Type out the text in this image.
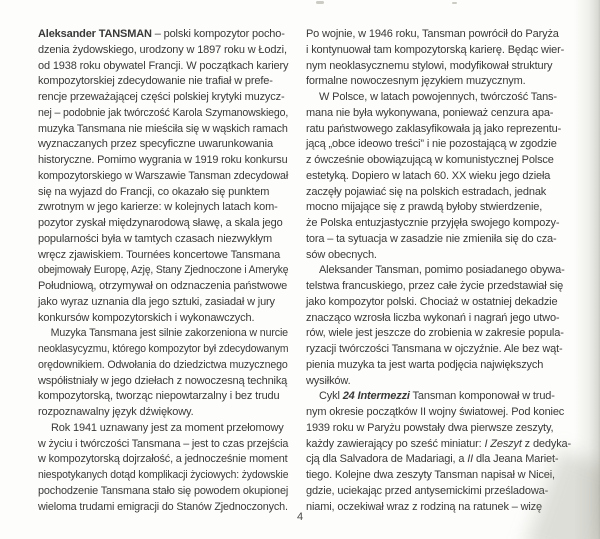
Aleksander TANSMAN – polski kompozytor pocho-
dzenia żydowskiego, urodzony w 1897 roku w Łodzi,
od 1938 roku obywatel Francji. W początkach kariery
kompozytorskiej zdecydowanie nie trafiał w prefe-
rencje przeważającej części polskiej krytyki muzycz-
nej – podobnie jak twórczość Karola Szymanowskiego,
muzyka Tansmana nie mieściła się w wąskich ramach
wyznaczanych przez specyficzne uwarunkowania
historyczne. Pomimo wygrania w 1919 roku konkursu
kompozytorskiego w Warszawie Tansman zdecydował
się na wyjazd do Francji, co okazało się punktem
zwrotnym w jego karierze: w kolejnych latach kom-
pozytor zyskał międzynarodową sławę, a skala jego
popularności była w tamtych czasach niezwykłym
wręcz zjawiskiem. Tournées koncertowe Tansmana
obejmowały Europę, Azję, Stany Zjednoczone i Amerykę
Południową, otrzymywał on odznaczenia państwowe
jako wyraz uznania dla jego sztuki, zasiadał w jury
konkursów kompozytorskich i wykonawczych.
Muzyka Tansmana jest silnie zakorzeniona w nurcie
neoklasycyzmu, którego kompozytor był zdecydowanym
orędownikiem. Odwołania do dziedzictwa muzycznego
współistniały w jego dziełach z nowoczesną techniką
kompozytorską, tworząc niepowtarzalny i bez trudu
rozpoznawalny język dźwiękowy.
Rok 1941 uznawany jest za moment przełomowy
w życiu i twórczości Tansmana – jest to czas przejścia
w kompozytorską dojrzałość, a jednocześnie moment
niespotykanych dotąd komplikacji życiowych: żydowskie
pochodzenie Tansmana stało się powodem okupionej
wieloma trudami emigracji do Stanów Zjednoczonych.
Po wojnie, w 1946 roku, Tansman powrócił do Paryża
i kontynuował tam kompozytorską karierę. Będąc wier-
nym neoklasycznemu stylowi, modyfikował struktury
formalne nowoczesnym językiem muzycznym.
W Polsce, w latach powojennych, twórczość Tans-
mana nie była wykonywana, ponieważ cenzura apa-
ratu państwowego zaklasyfikowała ją jako reprezentu-
jącą „obce ideowo treści” i nie pozostającą w zgodzie
z ówcześnie obowiązującą w komunistycznej Polsce
estetyką. Dopiero w latach 60. XX wieku jego dzieła
zaczęły pojawiać się na polskich estradach, jednak
mocno mijające się z prawdą byłoby stwierdzenie,
że Polska entuzjastycznie przyjęła swojego kompozy-
tora – ta sytuacja w zasadzie nie zmieniła się do cza-
sów obecnych.
Aleksander Tansman, pomimo posiadanego obywa-
telstwa francuskiego, przez całe życie przedstawiał się
jako kompozytor polski. Chociaż w ostatniej dekadzie
znacząco wzrosła liczba wykonań i nagrań jego utwo-
rów, wiele jest jeszcze do zrobienia w zakresie popula-
ryzacji twórczości Tansmana w ojczyźnie. Ale bez wąt-
pienia muzyka ta jest warta podjęcia największych
wysiłków.
Cykl 24 Intermezzi Tansman komponował w trud-
nym okresie początków II wojny światowej. Pod koniec
1939 roku w Paryżu powstały dwa pierwsze zeszyty,
każdy zawierający po sześć miniatur: I Zeszyt z dedyka-
cją dla Salvadora de Madariagi, a II dla Jeana Mariet-
tiego. Kolejne dwa zeszyty Tansman napisał w Nicei,
gdzie, uciekając przed antysemickimi prześladowa-
niami, oczekiwał wraz z rodziną na ratunek – wizę
4
